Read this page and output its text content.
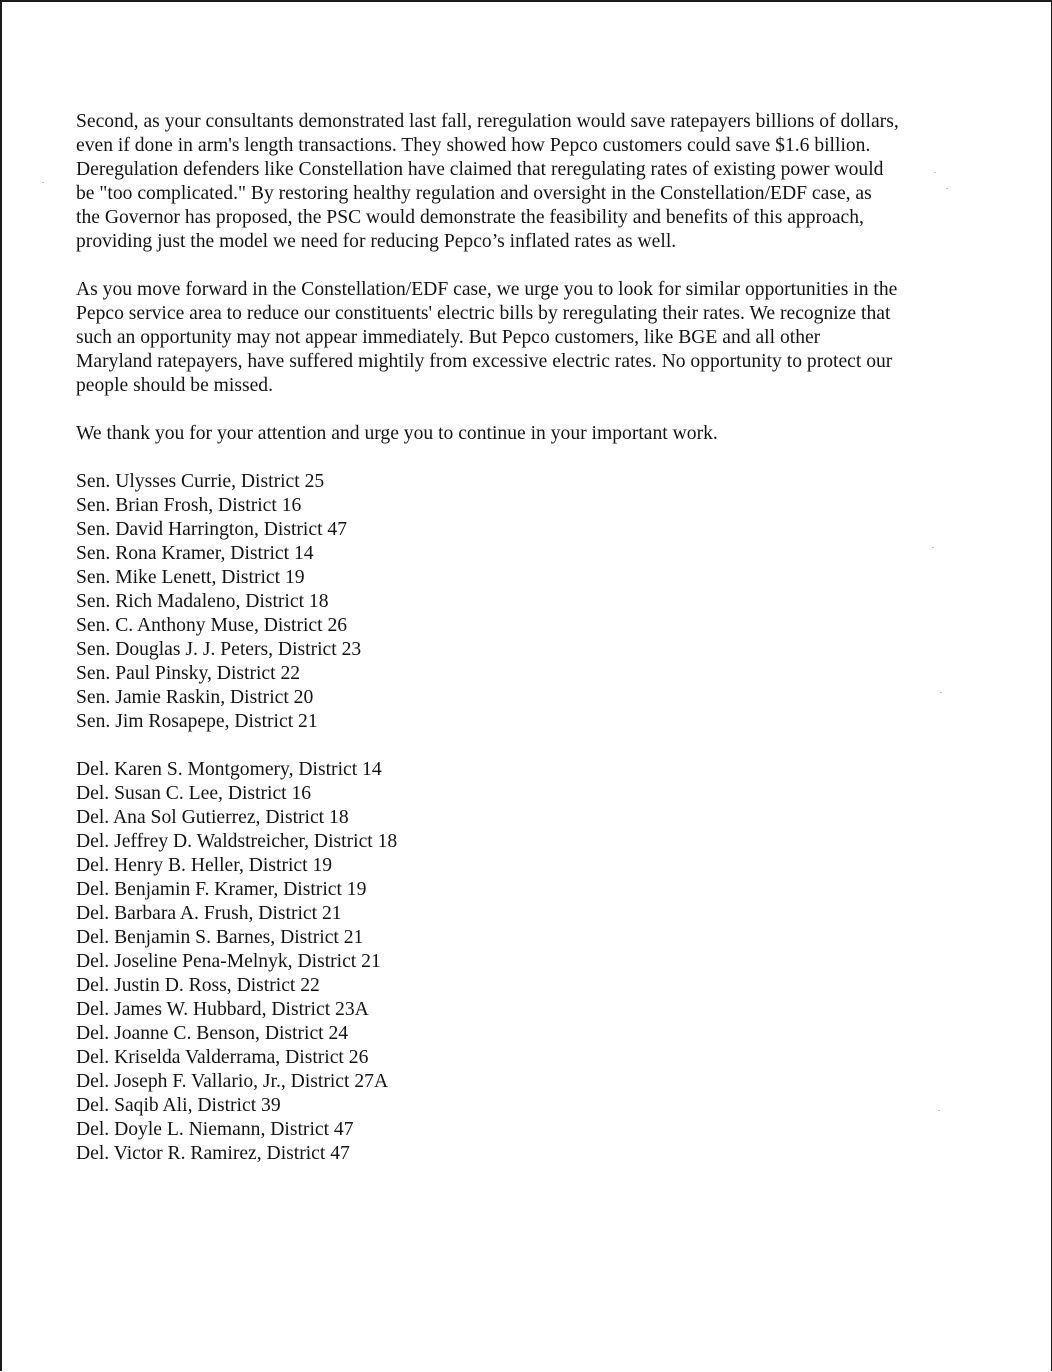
Second, as your consultants demonstrated last fall, reregulation would save ratepayers billions of dollars,
even if done in arm's length transactions. They showed how Pepco customers could save $1.6 billion.
Deregulation defenders like Constellation have claimed that reregulating rates of existing power would
be "too complicated." By restoring healthy regulation and oversight in the Constellation/EDF case, as
the Governor has proposed, the PSC would demonstrate the feasibility and benefits of this approach,
providing just the model we need for reducing Pepco’s inflated rates as well.

As you move forward in the Constellation/EDF case, we urge you to look for similar opportunities in the
Pepco service area to reduce our constituents' electric bills by reregulating their rates. We recognize that
such an opportunity may not appear immediately. But Pepco customers, like BGE and all other
Maryland ratepayers, have suffered mightily from excessive electric rates. No opportunity to protect our
people should be missed.

We thank you for your attention and urge you to continue in your important work.

Sen. Ulysses Currie, District 25
Sen. Brian Frosh, District 16
Sen. David Harrington, District 47
Sen. Rona Kramer, District 14
Sen. Mike Lenett, District 19
Sen. Rich Madaleno, District 18
Sen. C. Anthony Muse, District 26
Sen. Douglas J. J. Peters, District 23
Sen. Paul Pinsky, District 22
Sen. Jamie Raskin, District 20
Sen. Jim Rosapepe, District 21
Del. Karen S. Montgomery, District 14
Del. Susan C. Lee, District 16
Del. Ana Sol Gutierrez, District 18
Del. Jeffrey D. Waldstreicher, District 18
Del. Henry B. Heller, District 19
Del. Benjamin F. Kramer, District 19
Del. Barbara A. Frush, District 21
Del. Benjamin S. Barnes, District 21
Del. Joseline Pena-Melnyk, District 21
Del. Justin D. Ross, District 22
Del. James W. Hubbard, District 23A
Del. Joanne C. Benson, District 24
Del. Kriselda Valderrama, District 26
Del. Joseph F. Vallario, Jr., District 27A
Del. Saqib Ali, District 39
Del. Doyle L. Niemann, District 47
Del. Victor R. Ramirez, District 47
